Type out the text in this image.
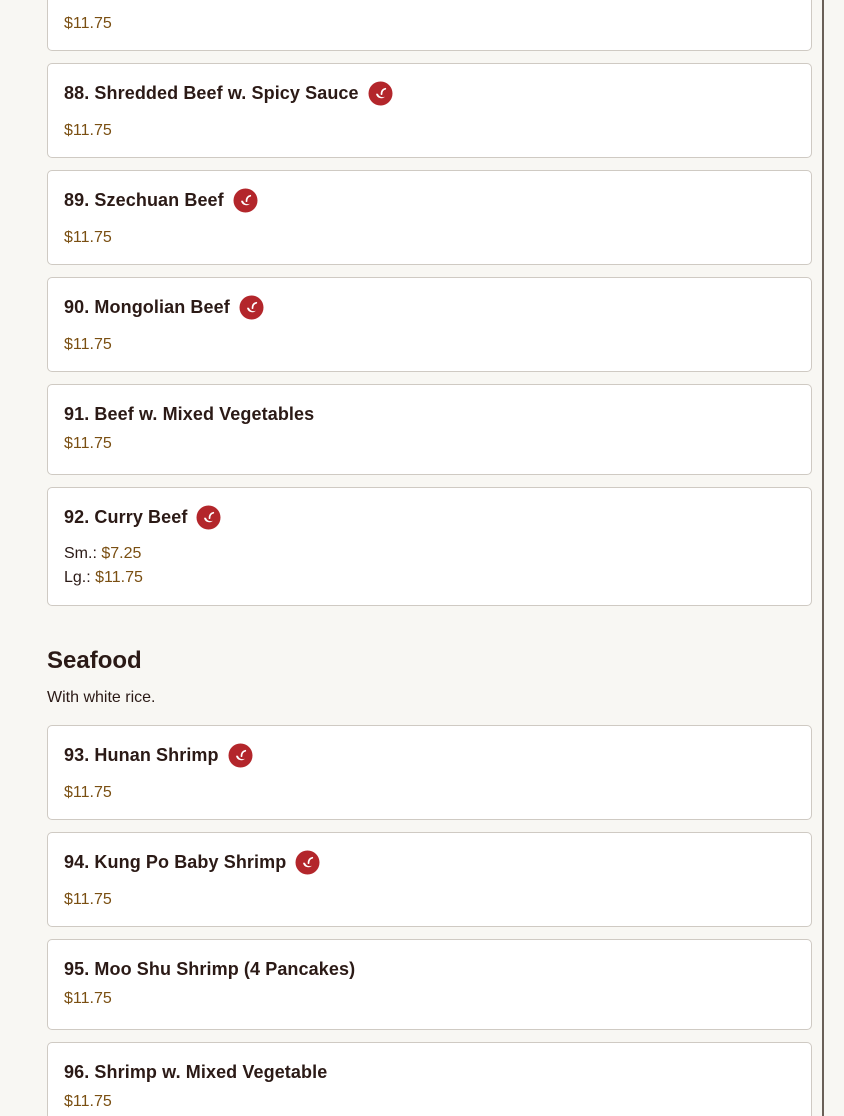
$11.75
88. Shredded Beef w. Spicy Sauce
$11.75
89. Szechuan Beef
$11.75
90. Mongolian Beef
$11.75
91. Beef w. Mixed Vegetables
$11.75
92. Curry Beef
Sm.: $7.25
Lg.: $11.75
Seafood
With white rice.
93. Hunan Shrimp
$11.75
94. Kung Po Baby Shrimp
$11.75
95. Moo Shu Shrimp (4 Pancakes)
$11.75
96. Shrimp w. Mixed Vegetable
$11.75
